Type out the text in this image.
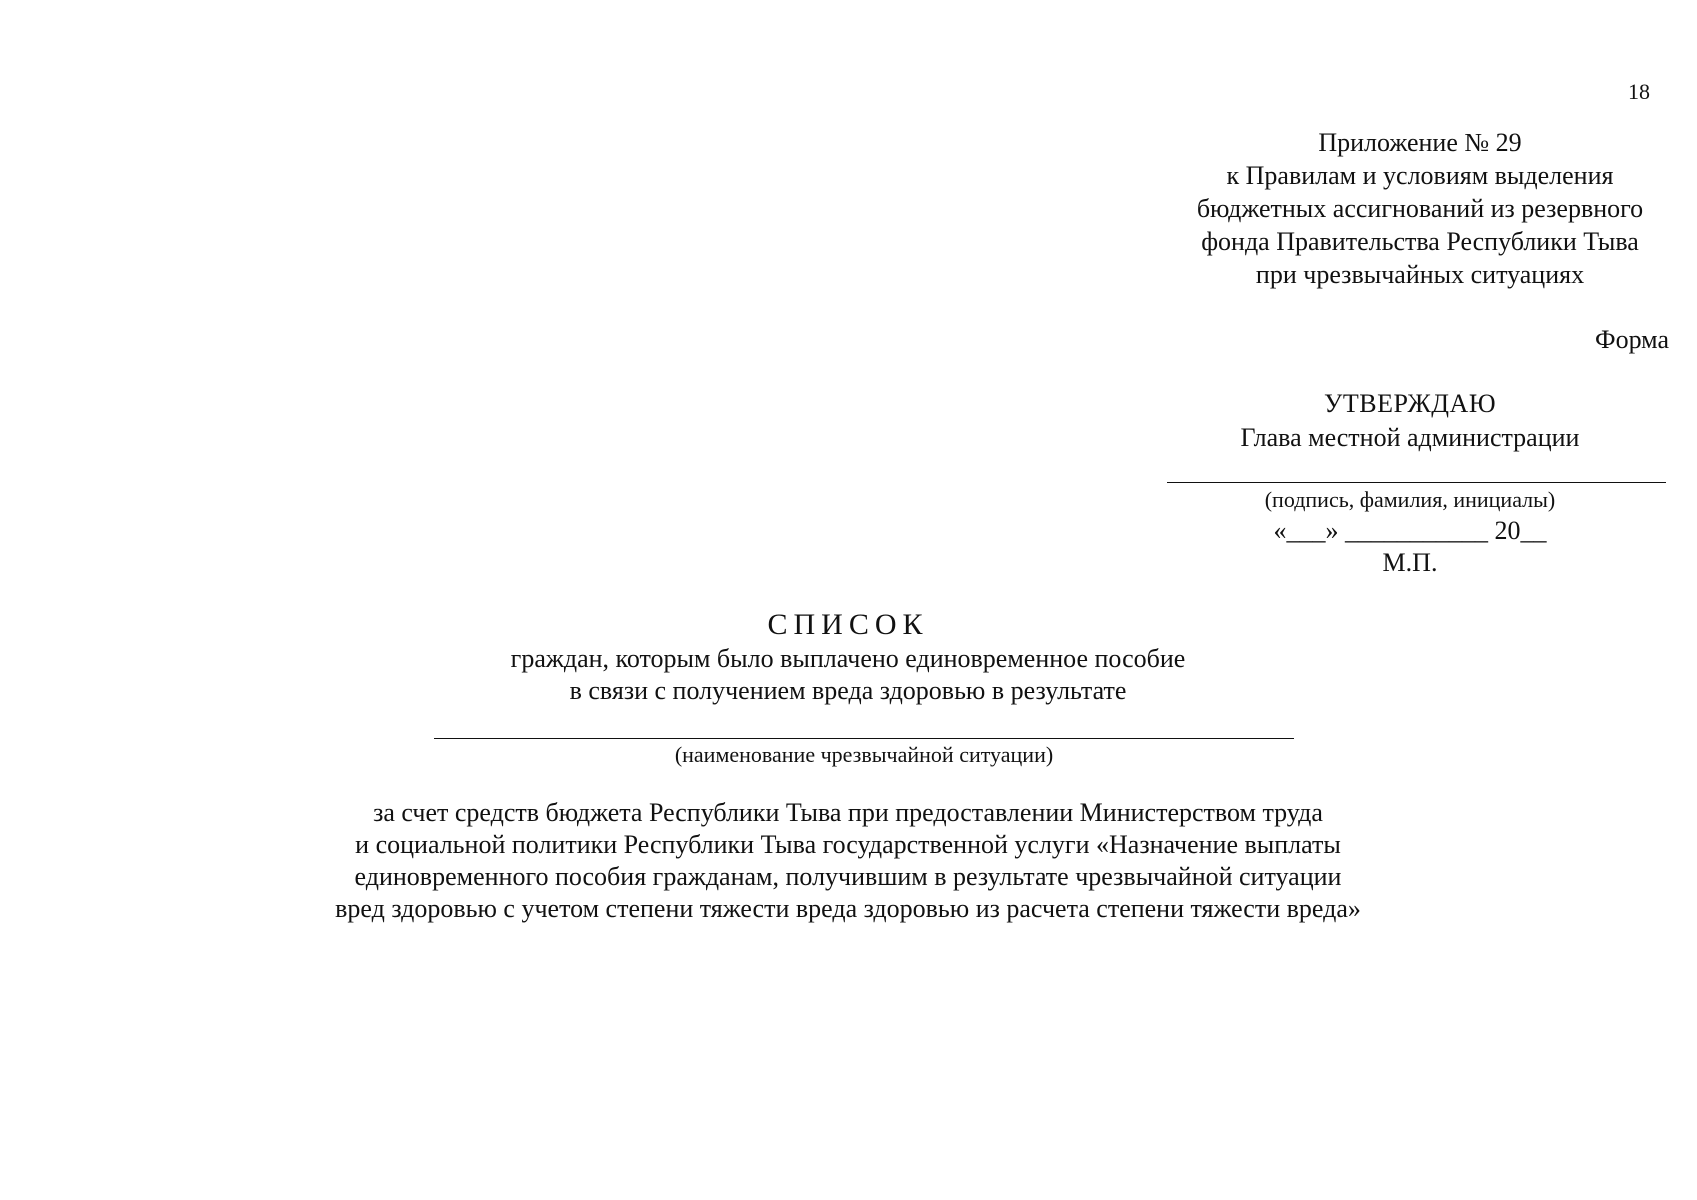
18
Приложение № 29
к Правилам и условиям выделения
бюджетных ассигнований из резервного
фонда Правительства Республики Тыва
при чрезвычайных ситуациях
Форма
УТВЕРЖДАЮ
Глава местной администрации
(подпись, фамилия, инициалы)
«___» ___________ 20__
М.П.
СПИСОК
граждан, которым было выплачено единовременное пособие
в связи с получением вреда здоровью в результате
(наименование чрезвычайной ситуации)
за счет средств бюджета Республики Тыва при предоставлении Министерством труда
и социальной политики Республики Тыва государственной услуги «Назначение выплаты
единовременного пособия гражданам, получившим в результате чрезвычайной ситуации
вред здоровью с учетом степени тяжести вреда здоровью из расчета степени тяжести вреда»
